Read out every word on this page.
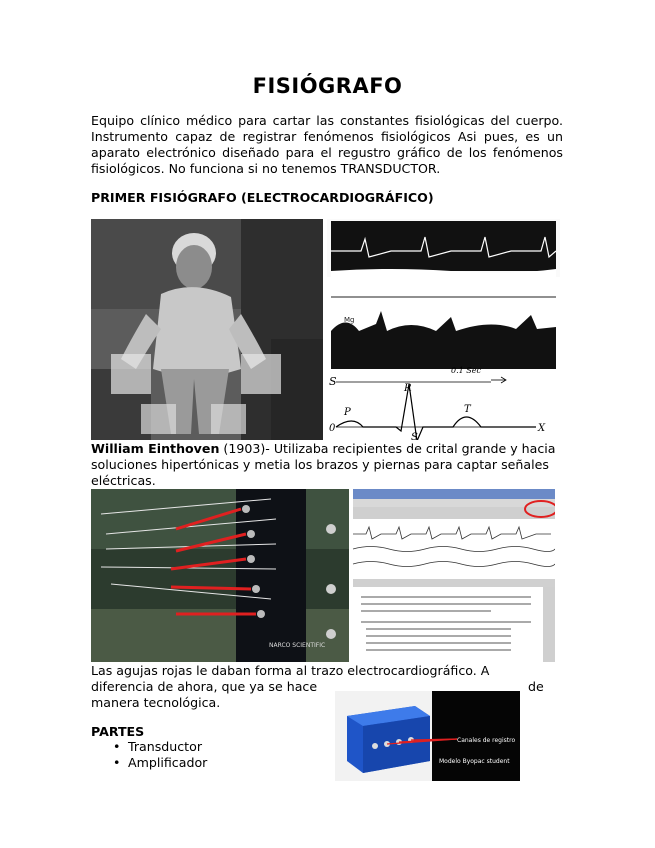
FISIÓGRAFO
Equipo clínico médico para cartar las constantes fisiológicas del cuerpo. Instrumento capaz de registrar fenómenos fisiológicos Asi pues, es un aparato electrónico diseñado para el regustro gráfico de los fenómenos fisiológicos. No funciona si no tenemos TRANSDUCTOR.
PRIMER FISIÓGRAFO (ELECTROCARDIOGRÁFICO)
Mg
S
0.1 Sec
P
R
T
S
0	X
William Einthoven (1903)- Utilizaba recipientes de crital grande y hacia soluciones hipertónicas y metia los brazos y piernas para captar señales eléctricas.
NARCO SCIENTIFIC
Las agujas rojas le daban forma al trazo electrocardiográfico. A
diferencia de ahora, que ya se hace	de
manera tecnológica.
PARTES
• Transductor
• Amplificador
Canales de registro
Modelo Byopac student
